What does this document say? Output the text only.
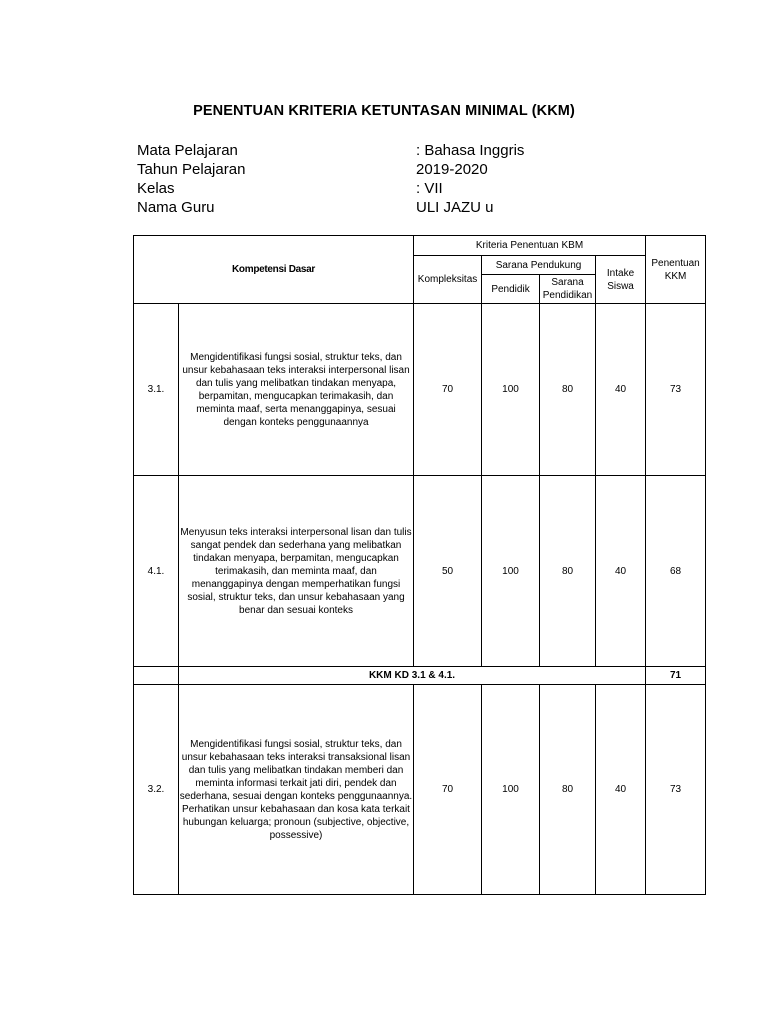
PENENTUAN KRITERIA KETUNTASAN MINIMAL (KKM)
Mata Pelajaran	: Bahasa Inggris
Tahun Pelajaran	2019-2020
Kelas	: VII
Nama Guru	ULI JAZU u
Kompetensi Dasar		Kriteria Penentuan KBM				Penentuan KKM
		Kompleksitas	Sarana Pendukung		Intake Siswa	
			Pendidik	Sarana Pendidikan		
3.1.	Mengidentifikasi fungsi sosial, struktur teks, dan unsur kebahasaan teks interaksi interpersonal lisan dan tulis yang melibatkan tindakan menyapa, berpamitan, mengucapkan terimakasih, dan meminta maaf, serta menanggapinya, sesuai dengan konteks penggunaannya	70	100	80	40	73
4.1.	Menyusun teks interaksi interpersonal lisan dan tulis sangat pendek dan sederhana yang melibatkan tindakan menyapa, berpamitan, mengucapkan terimakasih, dan meminta maaf, dan menanggapinya dengan memperhatikan fungsi sosial, struktur teks, dan unsur kebahasaan yang benar dan sesuai konteks	50	100	80	40	68
	KKM KD 3.1 & 4.1.					71
3.2.	Mengidentifikasi fungsi sosial, struktur teks, dan unsur kebahasaan teks interaksi transaksional lisan dan tulis yang melibatkan tindakan memberi dan meminta informasi terkait jati diri, pendek dan sederhana, sesuai dengan konteks penggunaannya. Perhatikan unsur kebahasaan dan kosa kata terkait hubungan keluarga; pronoun (subjective, objective, possessive)	70	100	80	40	73
